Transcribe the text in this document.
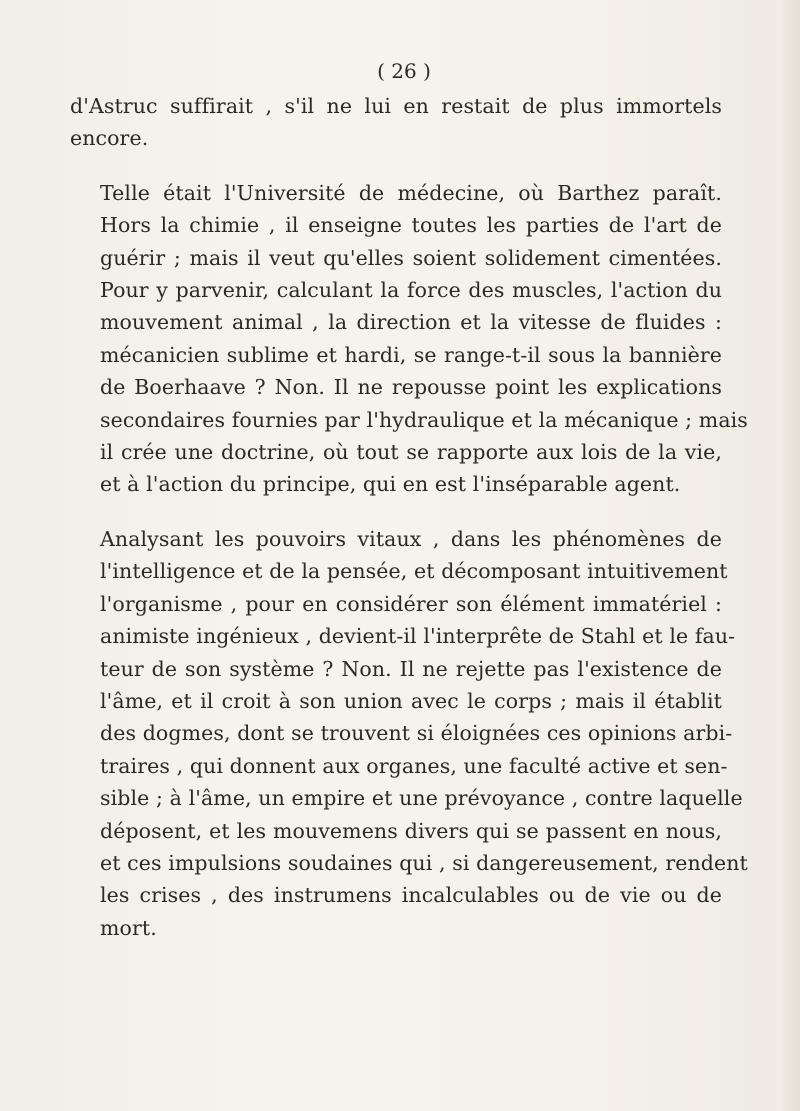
( 26 )

d'Astruc suffirait , s'il ne lui en restait de plus immortels
encore.

Telle était l'Université de médecine, où Barthez paraît.
Hors la chimie , il enseigne toutes les parties de l'art de
guérir ; mais il veut qu'elles soient solidement cimentées.
Pour y parvenir, calculant la force des muscles, l'action du
mouvement animal , la direction et la vitesse de fluides :
mécanicien sublime et hardi, se range-t-il sous la bannière
de Boerhaave ? Non. Il ne repousse point les explications
secondaires fournies par l'hydraulique et la mécanique ; mais
il crée une doctrine, où tout se rapporte aux lois de la vie,
et à l'action du principe, qui en est l'inséparable agent.

Analysant les pouvoirs vitaux , dans les phénomènes de
l'intelligence et de la pensée, et décomposant intuitivement
l'organisme , pour en considérer son élément immatériel :
animiste ingénieux , devient-il l'interprête de Stahl et le fau-
teur de son système ? Non. Il ne rejette pas l'existence de
l'âme, et il croit à son union avec le corps ; mais il établit
des dogmes, dont se trouvent si éloignées ces opinions arbi-
traires , qui donnent aux organes, une faculté active et sen-
sible ; à l'âme, un empire et une prévoyance , contre laquelle
déposent, et les mouvemens divers qui se passent en nous,
et ces impulsions soudaines qui , si dangereusement, rendent
les crises , des instrumens incalculables ou de vie ou de
mort.
